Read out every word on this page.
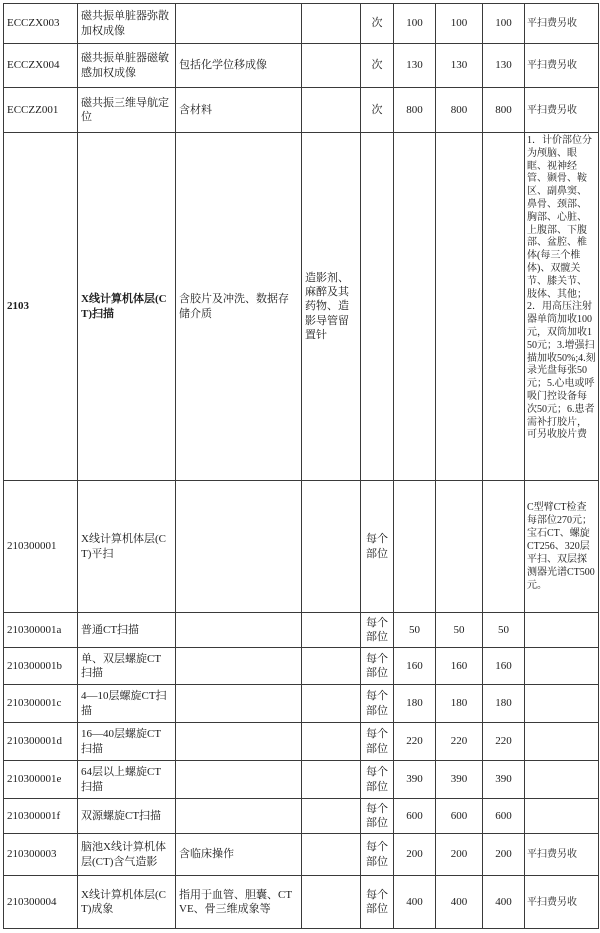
ECCZX003	磁共振单脏器弥散加权成像			次	100	100	100	平扫费另收
ECCZX004	磁共振单脏器磁敏感加权成像	包括化学位移成像		次	130	130	130	平扫费另收
ECCZZ001	磁共振三维导航定位	含材料		次	800	800	800	平扫费另收
2103	X线计算机体层(CT)扫描	含胶片及冲洗、数据存储介质	造影剂、麻醉及其药物、造影导管留置针					1．计价部位分为颅脑、眼眶、视神经管、颞骨、鞍区、副鼻窦、鼻骨、颈部、胸部、心脏、上腹部、下腹部、盆腔、椎体(每三个椎体)、双髋关节、膝关节、肢体、其他；2．用高压注射器单筒加收100元，双筒加收150元；3.增强扫描加收50%;4.刻录光盘每张50元；5.心电或呼吸门控设备每次50元；6.患者需补打胶片，可另收胶片费
210300001	X线计算机体层(CT)平扫			每个部位				C型臂CT检查每部位270元；宝石CT、螺旋CT256、320层平扫、双层探测器光谱CT500元。
210300001a	普通CT扫描			每个部位	50	50	50	
210300001b	单、双层螺旋CT扫描			每个部位	160	160	160	
210300001c	4—10层螺旋CT扫描			每个部位	180	180	180	
210300001d	16—40层螺旋CT扫描			每个部位	220	220	220	
210300001e	64层以上螺旋CT扫描			每个部位	390	390	390	
210300001f	双源螺旋CT扫描			每个部位	600	600	600	
210300003	脑池X线计算机体层(CT)含气造影	含临床操作		每个部位	200	200	200	平扫费另收
210300004	X线计算机体层(CT)成象	指用于血管、胆囊、CTVE、骨三维成象等		每个部位	400	400	400	平扫费另收
